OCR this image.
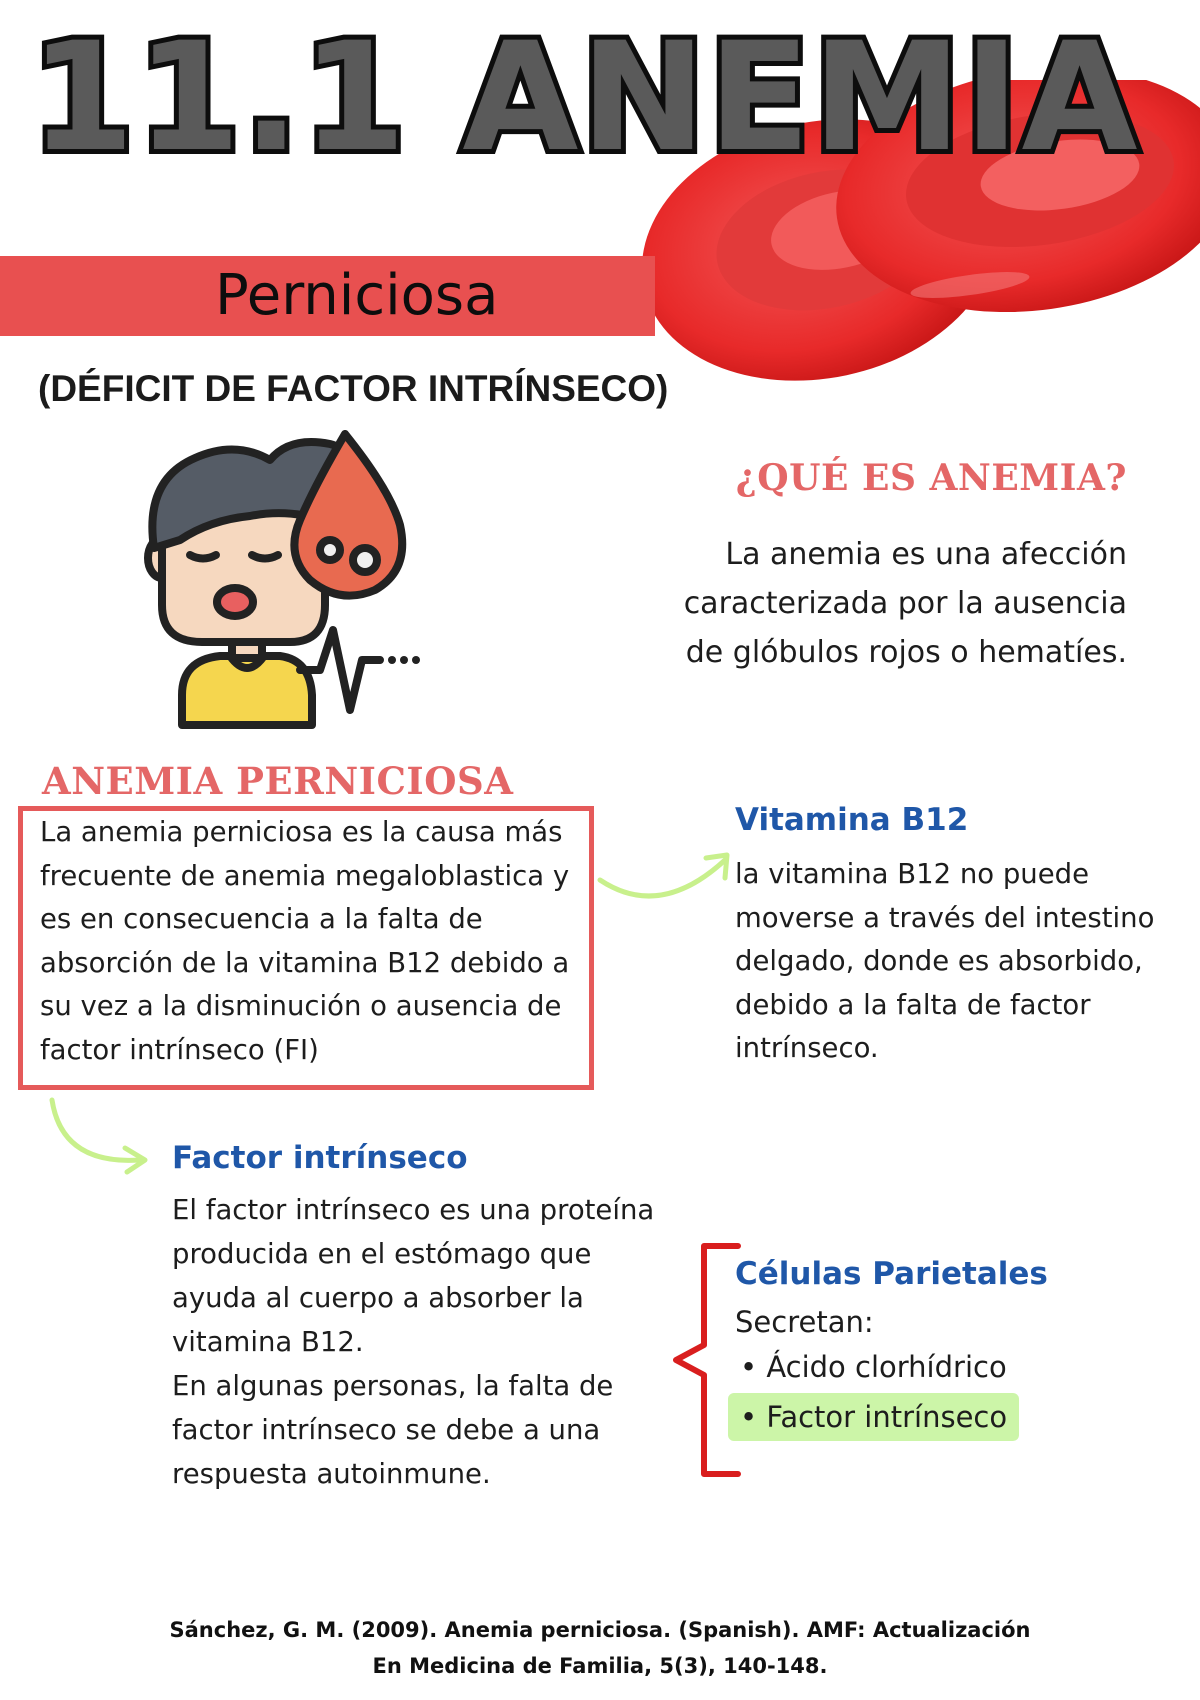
11.1 ANEMIA
Perniciosa
(DÉFICIT DE FACTOR INTRÍNSECO)
¿QUÉ ES ANEMIA?
La anemia es una afección
caracterizada por la ausencia
de glóbulos rojos o hematíes.
ANEMIA PERNICIOSA
La anemia perniciosa es la causa más
frecuente de anemia megaloblastica y
es en consecuencia a la falta de
absorción de la vitamina B12 debido a
su vez a la disminución o ausencia de
factor intrínseco (FI)
Vitamina B12
la vitamina B12 no puede
moverse a través del intestino
delgado, donde es absorbido,
debido a la falta de factor
intrínseco.
Factor intrínseco
El factor intrínseco es una proteína
producida en el estómago que
ayuda al cuerpo a absorber la
vitamina B12.
En algunas personas, la falta de
factor intrínseco se debe a una
respuesta autoinmune.
Células Parietales
Secretan:
• Ácido clorhídrico
• Factor intrínseco
Sánchez, G. M. (2009). Anemia perniciosa. (Spanish). AMF: Actualización
En Medicina de Familia, 5(3), 140-148.
